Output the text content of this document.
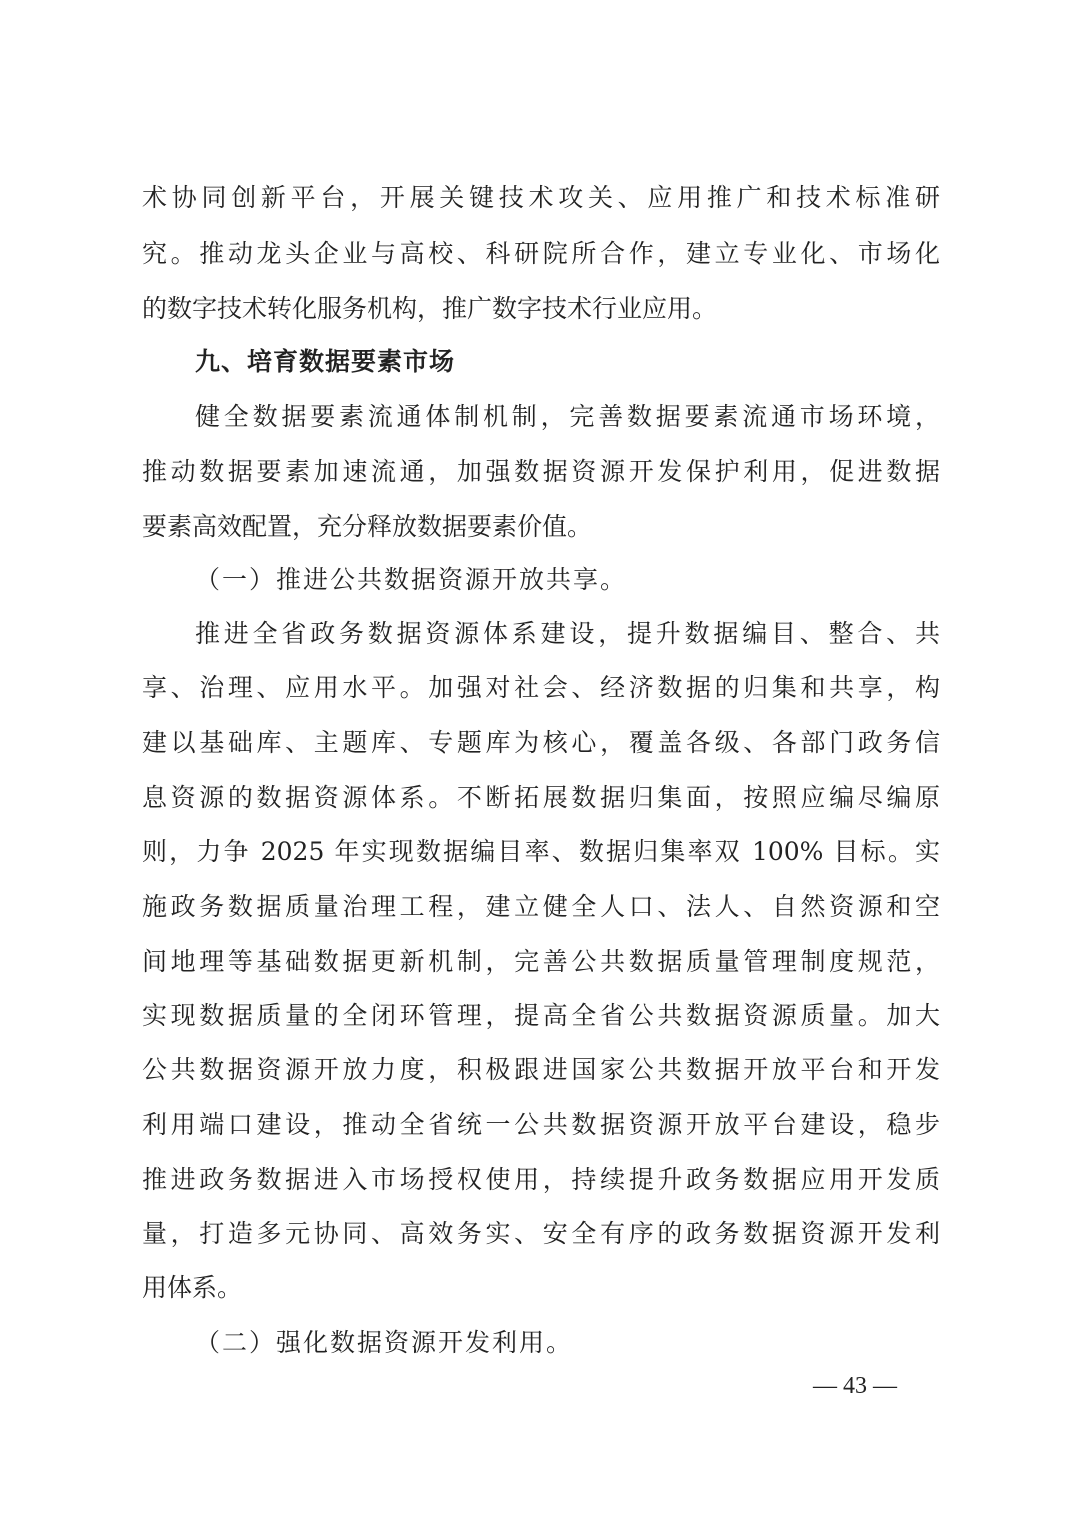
术协同创新平台，开展关键技术攻关、应用推广和技术标准研
究。推动龙头企业与高校、科研院所合作，建立专业化、市场化
的数字技术转化服务机构，推广数字技术行业应用。
九、培育数据要素市场
健全数据要素流通体制机制，完善数据要素流通市场环境，
推动数据要素加速流通，加强数据资源开发保护利用，促进数据
要素高效配置，充分释放数据要素价值。
（一）推进公共数据资源开放共享。
推进全省政务数据资源体系建设，提升数据编目、整合、共
享、治理、应用水平。加强对社会、经济数据的归集和共享，构
建以基础库、主题库、专题库为核心，覆盖各级、各部门政务信
息资源的数据资源体系。不断拓展数据归集面，按照应编尽编原
则，力争 2025 年实现数据编目率、数据归集率双 100% 目标。实
施政务数据质量治理工程，建立健全人口、法人、自然资源和空
间地理等基础数据更新机制，完善公共数据质量管理制度规范，
实现数据质量的全闭环管理，提高全省公共数据资源质量。加大
公共数据资源开放力度，积极跟进国家公共数据开放平台和开发
利用端口建设，推动全省统一公共数据资源开放平台建设，稳步
推进政务数据进入市场授权使用，持续提升政务数据应用开发质
量，打造多元协同、高效务实、安全有序的政务数据资源开发利
用体系。
（二）强化数据资源开发利用。
— 43 —
